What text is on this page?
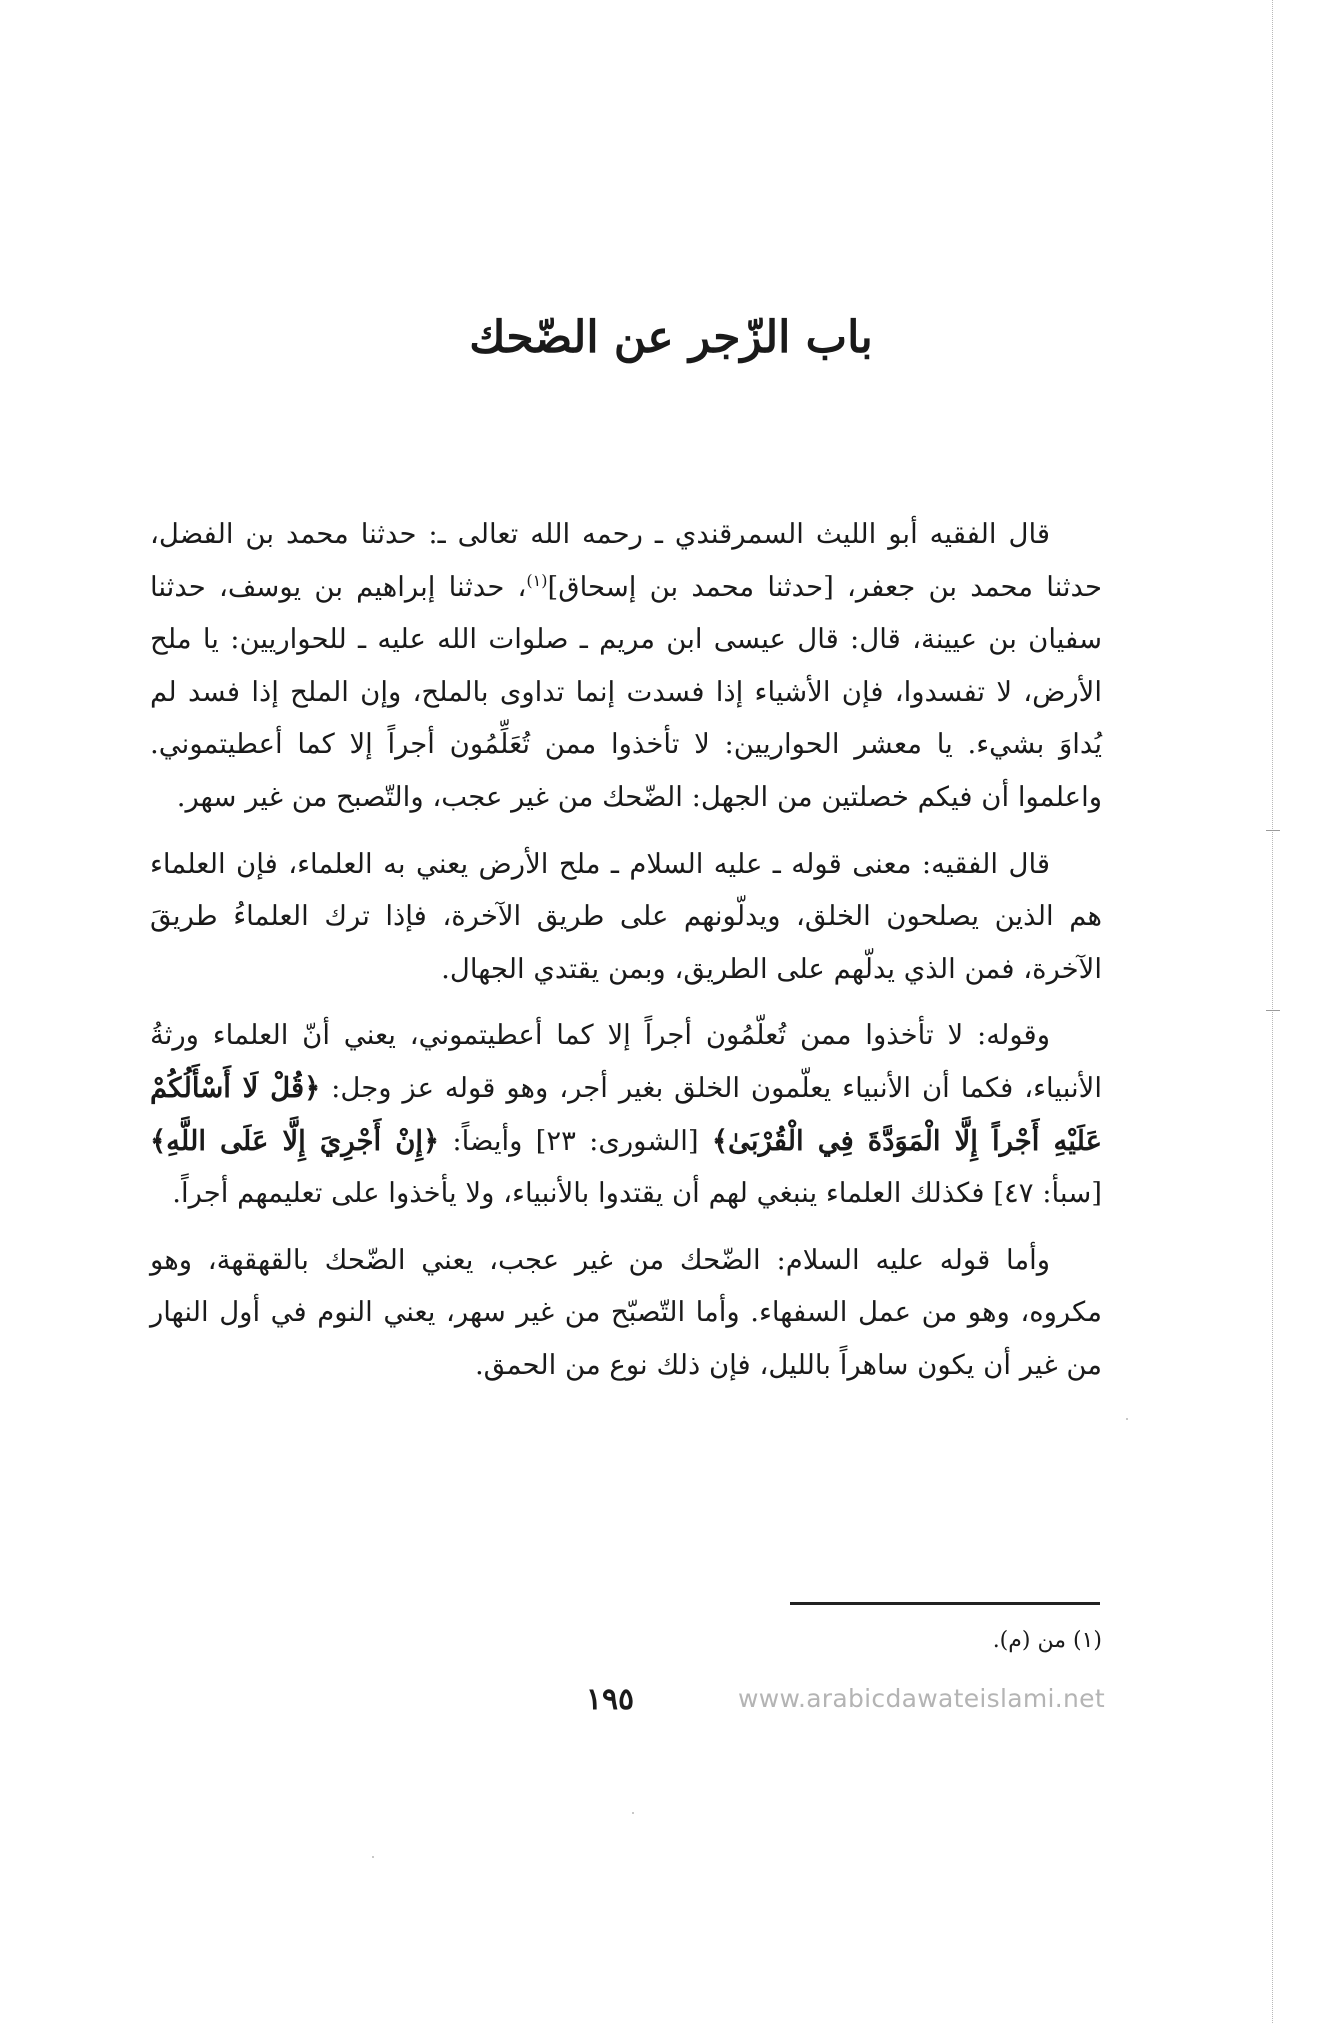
باب الزّجر عن الضّحك

قال الفقيه أبو الليث السمرقندي ـ رحمه الله تعالى ـ: حدثنا محمد بن الفضل، حدثنا محمد بن جعفر، [حدثنا محمد بن إسحاق]$^{(١)}$، حدثنا إبراهيم بن يوسف، حدثنا سفيان بن عيينة، قال: قال عيسى ابن مريم ـ صلوات الله عليه ـ للحواريين: يا ملح الأرض، لا تفسدوا، فإن الأشياء إذا فسدت إنما تداوى بالملح، وإن الملح إذا فسد لم يُداوَ بشيء. يا معشر الحواريين: لا تأخذوا ممن تُعَلِّمُون أجراً إلا كما أعطيتموني. واعلموا أن فيكم خصلتين من الجهل: الضّحك من غير عجب، والتّصبح من غير سهر.

قال الفقيه: معنى قوله ـ عليه السلام ـ ملح الأرض يعني به العلماء، فإن العلماء هم الذين يصلحون الخلق، ويدلّونهم على طريق الآخرة، فإذا ترك العلماءُ طريقَ الآخرة، فمن الذي يدلّهم على الطريق، وبمن يقتدي الجهال.

وقوله: لا تأخذوا ممن تُعلّمُون أجراً إلا كما أعطيتموني، يعني أنّ العلماء ورثةُ الأنبياء، فكما أن الأنبياء يعلّمون الخلق بغير أجر، وهو قوله عز وجل: ﴿قُلْ لَا أَسْأَلُكُمْ عَلَيْهِ أَجْراً إِلَّا الْمَوَدَّةَ فِي الْقُرْبَىٰ﴾ [الشورى: ٢٣] وأيضاً: ﴿إِنْ أَجْرِيَ إِلَّا عَلَى اللَّهِ﴾ [سبأ: ٤٧] فكذلك العلماء ينبغي لهم أن يقتدوا بالأنبياء، ولا يأخذوا على تعليمهم أجراً.

وأما قوله عليه السلام: الضّحك من غير عجب، يعني الضّحك بالقهقهة، وهو مكروه، وهو من عمل السفهاء. وأما التّصبّح من غير سهر، يعني النوم في أول النهار من غير أن يكون ساهراً بالليل، فإن ذلك نوع من الحمق.

(١) من (م).
١٩٥	www.arabicdawateislami.net
